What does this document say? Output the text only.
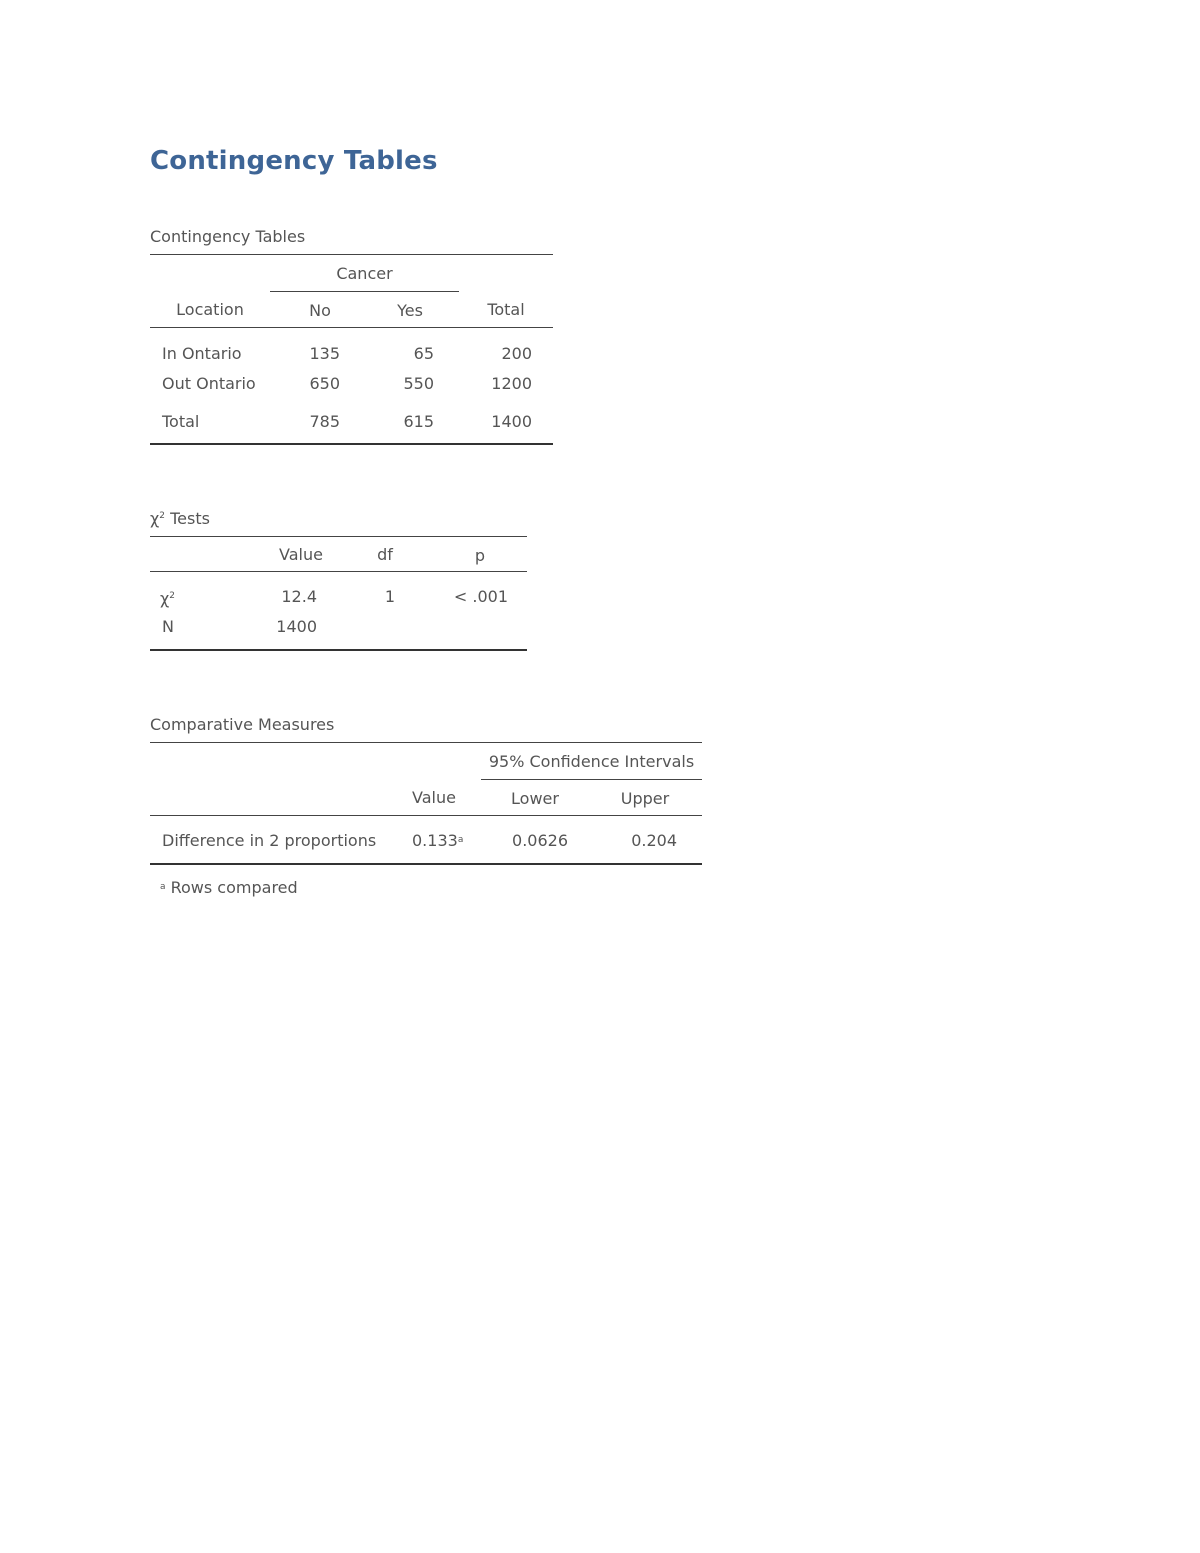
Contingency Tables
Contingency Tables
Cancer
Location	No	Yes	Total
In Ontario	135	65	200
Out Ontario	650	550	1200
Total	785	615	1400
$\chi^2$ Tests
Value	df	p
$\chi^2$	12.4	1	< .001
N	1400
Comparative Measures
95% Confidence Intervals
Value	Lower	Upper
Difference in 2 proportions 0.133$^a$	0.0626	0.204
$^a$ Rows compared
